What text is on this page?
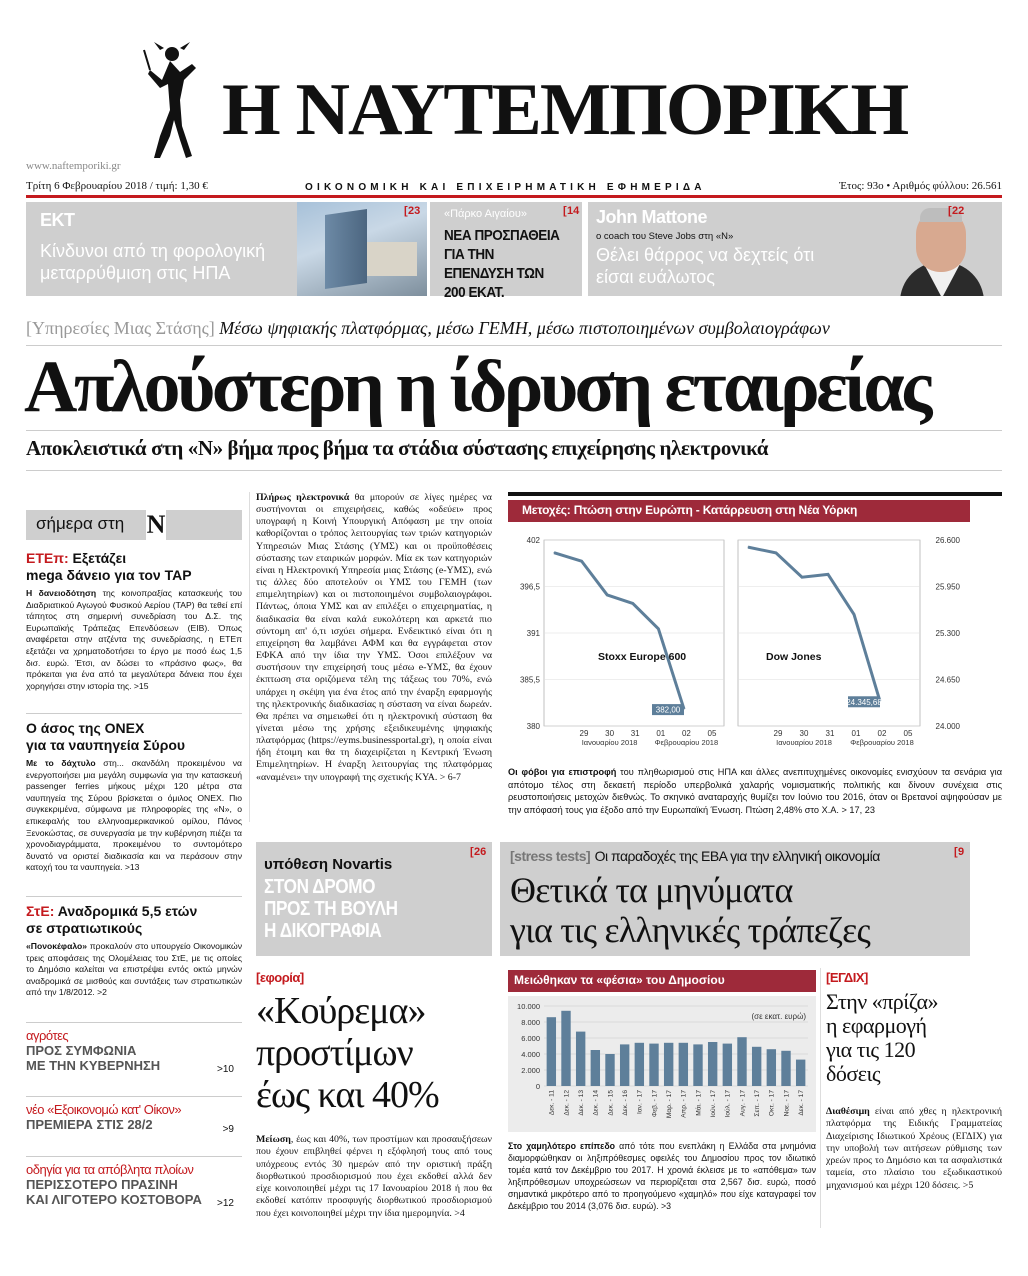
Η ΝΑΥΤΕΜΠΟΡΙΚΗ
www.naftemporiki.gr
Τρίτη 6 Φεβρουαρίου 2018 / τιμή: 1,30 €	ΟΙΚΟΝΟΜΙΚΗ ΚΑΙ ΕΠΙΧΕΙΡΗΜΑΤΙΚΗ ΕΦΗΜΕΡΙΔΑ	Έτος: 93ο • Αριθμός φύλλου: 26.561
ΕΚΤ
Κίνδυνοι από τη φορολογική μεταρρύθμιση στις ΗΠΑ
23
[	«Πάρκο Αιγαίου»	[ 14
ΝΕΑ ΠΡΟΣΠΑΘΕΙΑ ΓΙΑ ΤΗΝ ΕΠΕΝΔΥΣΗ ΤΩΝ 200 ΕΚΑΤ.
John Mattone
ο coach του Steve Jobs στη «Ν»
Θέλει θάρρος να δεχτείς ότι είσαι ευάλωτος
[ 22
[Υπηρεσίες Μιας Στάσης] Μέσω ψηφιακής πλατφόρμας, μέσω ΓΕΜΗ, μέσω πιστοποιημένων συμβολαιογράφων
Απλούστερη η ίδρυση εταιρείας
Αποκλειστικά στη «Ν» βήμα προς βήμα τα στάδια σύστασης επιχείρησης ηλεκτρονικά
σήμερα στη Ν
ΕΤΕπ: Εξετάζει
mega δάνειο για τον TAP
Η δανειοδότηση της κοινοπραξίας κατασκευής του Διαδριατικού Αγωγού Φυσικού Αερίου (TAP) θα τεθεί επί τάπητος στη σημερινή συνεδρίαση του Δ.Σ. της Ευρωπαϊκής Τράπεζας Επενδύσεων (ΕΙΒ). Όπως αναφέρεται στην ατζέντα της συνεδρίασης, η ΕΤΕπ εξετάζει να χρηματοδοτήσει το έργο με ποσό έως 1,5 δισ. ευρώ. Έτσι, αν δώσει το «πράσινο φως», θα πρόκειται για ένα από τα μεγαλύτερα δάνεια που έχει χορηγήσει στην ιστορία της. >15
Ο άσος της ΟΝΕΧ
για τα ναυπηγεία Σύρου
Με το δάχτυλο στη... σκανδάλη προκειμένου να ενεργοποιήσει μια μεγάλη συμφωνία για την κατασκευή passenger ferries μήκους μέχρι 120 μέτρα στα ναυπηγεία της Σύρου βρίσκεται ο όμιλος ΟΝΕΧ. Πιο συγκεκριμένα, σύμφωνα με πληροφορίες της «Ν», ο επικεφαλής του ελληνοαμερικανικού ομίλου, Πάνος Ξενοκώστας, σε συνεργασία με την κυβέρνηση πιέζει τα χρονοδιαγράμματα, προκειμένου το συντομότερο δυνατό να οριστεί διαδικασία και να περάσουν στην κατοχή του τα ναυπηγεία. >13
ΣτΕ: Αναδρομικά 5,5 ετών
σε στρατιωτικούς
«Πονοκέφαλο» προκαλούν στο υπουργείο Οικονομικών τρεις αποφάσεις της Ολομέλειας του ΣτΕ, με τις οποίες το Δημόσιο καλείται να επιστρέψει εντός οκτώ μηνών αναδρομικά σε μισθούς και συντάξεις των στρατιωτικών από την 1/8/2012. >2
αγρότες
ΠΡΟΣ ΣΥΜΦΩΝΙΑ
ΜΕ ΤΗΝ ΚΥΒΕΡΝΗΣΗ	>10
νέο «Εξοικονομώ κατ' Οίκον»
ΠΡΕΜΙΕΡΑ ΣΤΙΣ 28/2	>9
οδηγία για τα απόβλητα πλοίων
ΠΕΡΙΣΣΟΤΕΡΟ ΠΡΑΣΙΝΗ
ΚΑΙ ΛΙΓΟΤΕΡΟ ΚΟΣΤΟΒΟΡΑ	>12
Πλήρως ηλεκτρονικά θα μπορούν σε λίγες ημέρες να συστήνονται οι επιχειρήσεις, καθώς «οδεύει» προς υπογραφή η Κοινή Υπουργική Απόφαση με την οποία καθορίζονται ο τρόπος λειτουργίας των τριών κατηγοριών Υπηρεσιών Μιας Στάσης (ΥΜΣ) και οι προϋποθέσεις σύστασης των εταιρικών μορφών. Μία εκ των κατηγοριών είναι η Ηλεκτρονική Υπηρεσία μιας Στάσης (e-ΥΜΣ), ενώ τις άλλες δύο αποτελούν οι ΥΜΣ του ΓΕΜΗ (των επιμελητηρίων) και οι πιστοποιημένοι συμβολαιογράφοι. Πάντως, όποια ΥΜΣ και αν επιλέξει ο επιχειρηματίας, η διαδικασία θα είναι καλά ευκολότερη και αρκετά πιο σύντομη απ' ό,τι ισχύει σήμερα. Ενδεικτικό είναι ότι η επιχείρηση θα λαμβάνει ΑΦΜ και θα εγγράφεται στον ΕΦΚΑ από την ίδια την ΥΜΣ. Όσοι επιλέξουν να συστήσουν την επιχείρησή τους μέσω e-ΥΜΣ, θα έχουν έκπτωση στα οριζόμενα τέλη της τάξεως του 70%, ενώ υπάρχει η σκέψη για ένα έτος από την έναρξη εφαρμογής της ηλεκτρονικής διαδικασίας η σύσταση να είναι δωρεάν. Θα πρέπει να σημειωθεί ότι η ηλεκτρονική σύσταση θα γίνεται μέσω της χρήσης εξειδικευμένης ψηφιακής πλατφόρμας (https://eyms.businessportal.gr), η οποία είναι ήδη έτοιμη και θα τη διαχειρίζεται η Κεντρική Ένωση Επιμελητηρίων. Η έναρξη λειτουργίας της πλατφόρμας «αναμένει» την υπογραφή της σχετικής ΚΥΑ. > 6-7
Μετοχές: Πτώση στην Ευρώπη - Κατάρρευση στη Νέα Υόρκη
402
396,5
391
385,5
380
29 30 31 01 02 05
Ιανουαρίου 2018 Φεβρουαρίου 2018
Stoxx Europe 600
382,00
26.600
25.950
25.300
24.650
24.000
29 30 31 01 02 05
Ιανουαρίου 2018 Φεβρουαρίου 2018
Dow Jones
24.345,68
Οι φόβοι για επιστροφή του πληθωρισμού στις ΗΠΑ και άλλες ανεπιτυχημένες οικονομίες ενισχύουν τα σενάρια για απότομο τέλος στη δεκαετή περίοδο υπερβολικά χαλαρής νομισματικής πολιτικής και δίνουν συνέχεια στις ρευστοποιήσεις μετοχών διεθνώς. Το σκηνικό αναταραχής θυμίζει τον Ιούνιο του 2016, όταν οι Βρετανοί αψηφούσαν με την απόφασή τους για έξοδο από την Ευρωπαϊκή Ένωση. Πτώση 2,48% στο Χ.Α. > 17, 23
υπόθεση Novartis
ΣΤΟΝ ΔΡΟΜΟ
ΠΡΟΣ ΤΗ ΒΟΥΛΗ
Η ΔΙΚΟΓΡΑΦΙΑ
[ 26 [stress tests] Οι παραδοχές της ΕΒΑ για την ελληνική οικονομία
Θετικά τα μηνύματα
για τις ελληνικές τράπεζες
[ 9
[εφορία]
«Κούρεμα»
προστίμων
έως και 40%
Μείωση, έως και 40%, των προστίμων και προσαυξήσεων που έχουν επιβληθεί φέρνει η εξόφλησή τους από τους υπόχρεους εντός 30 ημερών από την οριστική πράξη διορθωτικού προσδιορισμού που έχει εκδοθεί αλλά δεν είχε κοινοποιηθεί μέχρι τις 17 Ιανουαρίου 2018 ή που θα εκδοθεί κατόπιν προσφυγής διορθωτικού προσδιορισμού που έχει κοινοποιηθεί μέχρι την ίδια ημερομηνία. >4
Μειώθηκαν τα «φέσια» του Δημοσίου
10.000
8.000
6.000
4.000
2.000
0
(σε εκατ. ευρώ)
Δεκ. - 11 Δεκ. - 12 Δεκ. - 13 Δεκ. - 14 Δεκ. - 15 Δεκ. - 16 Ιαν. - 17 Φεβ. - 17 Μαρ. - 17 Απρ. - 17 Μάι. - 17 Ιούν. - 17 Ιούλ. - 17 Αυγ. - 17 Σεπ. - 17 Οκτ. - 17 Νοε. - 17 Δεκ. - 17
Στο χαμηλότερο επίπεδο από τότε που ενεπλάκη η Ελλάδα στα μνημόνια διαμορφώθηκαν οι ληξιπρόθεσμες οφειλές του Δημοσίου προς τον ιδιωτικό τομέα κατά τον Δεκέμβριο του 2017. Η χρονιά έκλεισε με το «απόθεμα» των ληξιπρόθεσμων υποχρεώσεων να περιορίζεται στα 2,567 δισ. ευρώ, ποσό σημαντικά μικρότερο από το προηγούμενο «χαμηλό» που είχε καταγραφεί τον Δεκέμβριο του 2014 (3,076 δισ. ευρώ). >3
[ΕΓΔΙΧ]
Στην «πρίζα»
η εφαρμογή
για τις 120
δόσεις
Διαθέσιμη είναι από χθες η ηλεκτρονική πλατφόρμα της Ειδικής Γραμματείας Διαχείρισης Ιδιωτικού Χρέους (ΕΓΔΙΧ) για την υποβολή των αιτήσεων ρύθμισης των χρεών προς το Δημόσιο και τα ασφαλιστικά ταμεία, στο πλαίσιο του εξωδικαστικού μηχανισμού και μέχρι 120 δόσεις. >5
